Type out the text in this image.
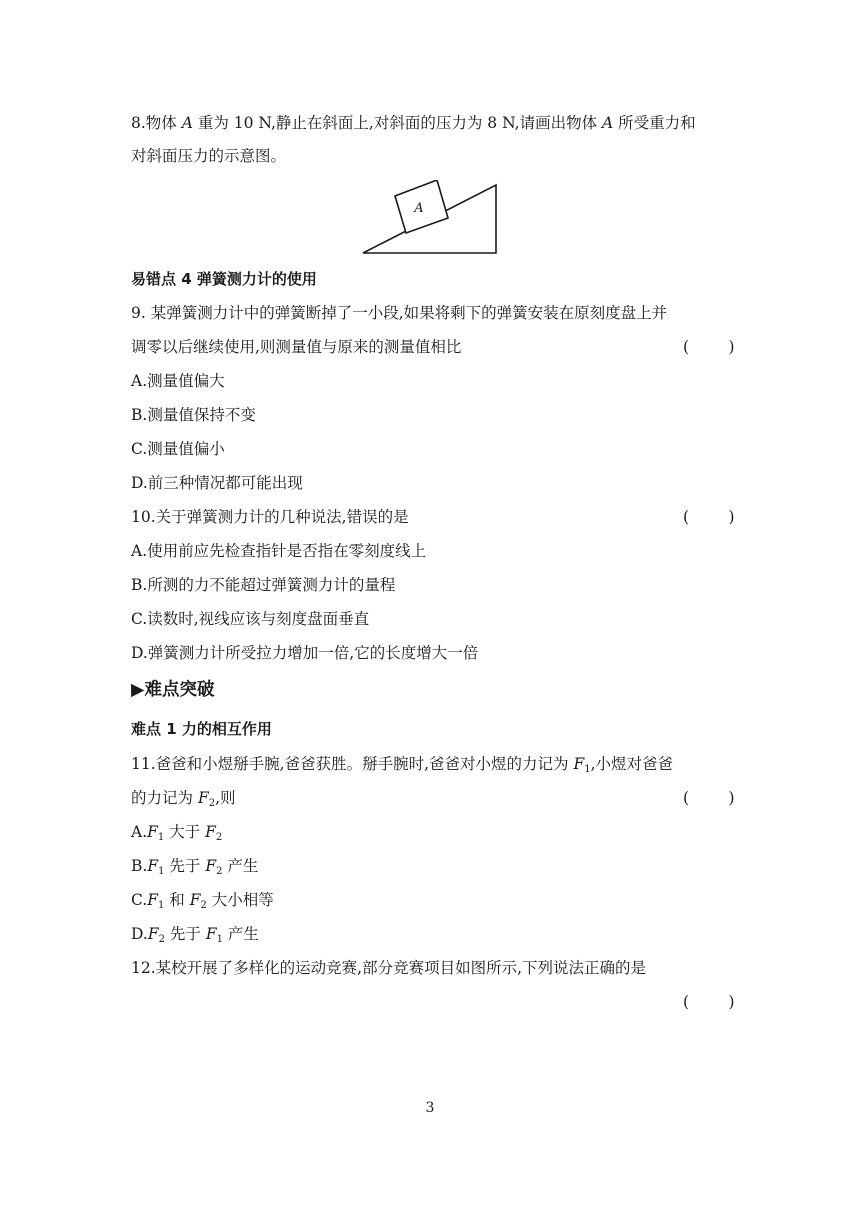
8.物体 A 重为 10 N,静止在斜面上,对斜面的压力为 8 N,请画出物体 A 所受重力和
对斜面压力的示意图。
A
易错点 4 弹簧测力计的使用
9. 某弹簧测力计中的弹簧断掉了一小段,如果将剩下的弹簧安装在原刻度盘上并
调零以后继续使用,则测量值与原来的测量值相比	(        )
A.测量值偏大
B.测量值保持不变
C.测量值偏小
D.前三种情况都可能出现
10.关于弹簧测力计的几种说法,错误的是	(        )
A.使用前应先检查指针是否指在零刻度线上
B.所测的力不能超过弹簧测力计的量程
C.读数时,视线应该与刻度盘面垂直
D.弹簧测力计所受拉力增加一倍,它的长度增大一倍
▶难点突破
难点 1 力的相互作用
11.爸爸和小煜掰手腕,爸爸获胜。掰手腕时,爸爸对小煜的力记为 $F_1$,小煜对爸爸
的力记为 $F_2$,则	(        )
$A.F_1$ 大于 $F_2$
$B.F_1$ 先于 $F_2$ 产生
$C.F_1$ 和 $F_2$ 大小相等
$D.F_2$ 先于 $F_1$ 产生
12.某校开展了多样化的运动竞赛,部分竞赛项目如图所示,下列说法正确的是
(        )
3
